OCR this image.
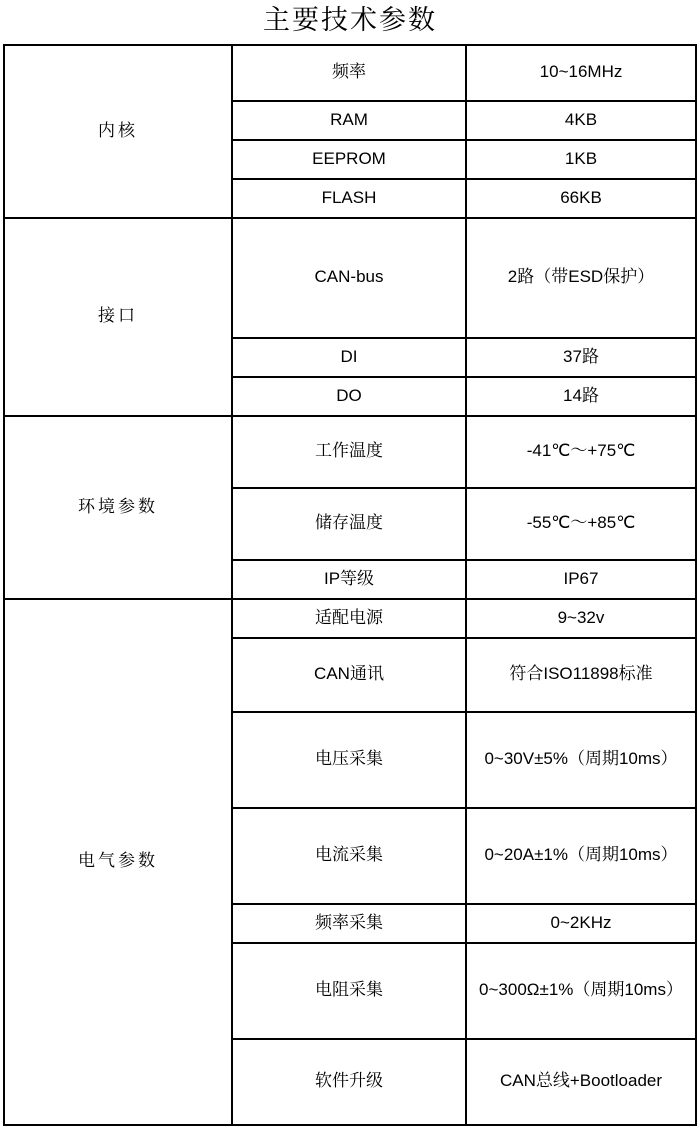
主要技术参数
内核	频率	10~16MHz
	RAM	4KB
	EEPROM	1KB
	FLASH	66KB
接口	CAN-bus	2路（带ESD保护）
	DI	37路
	DO	14路
环境参数	工作温度	-41℃～+75℃
	储存温度	-55℃～+85℃
	IP等级	IP67
电气参数	适配电源	9~32v
	CAN通讯	符合ISO11898标准
	电压采集	0~30V±5%（周期10ms）
	电流采集	0~20A±1%（周期10ms）
	频率采集	0~2KHz
	电阻采集	0~300Ω±1%（周期10ms）
	软件升级	CAN总线+Bootloader
